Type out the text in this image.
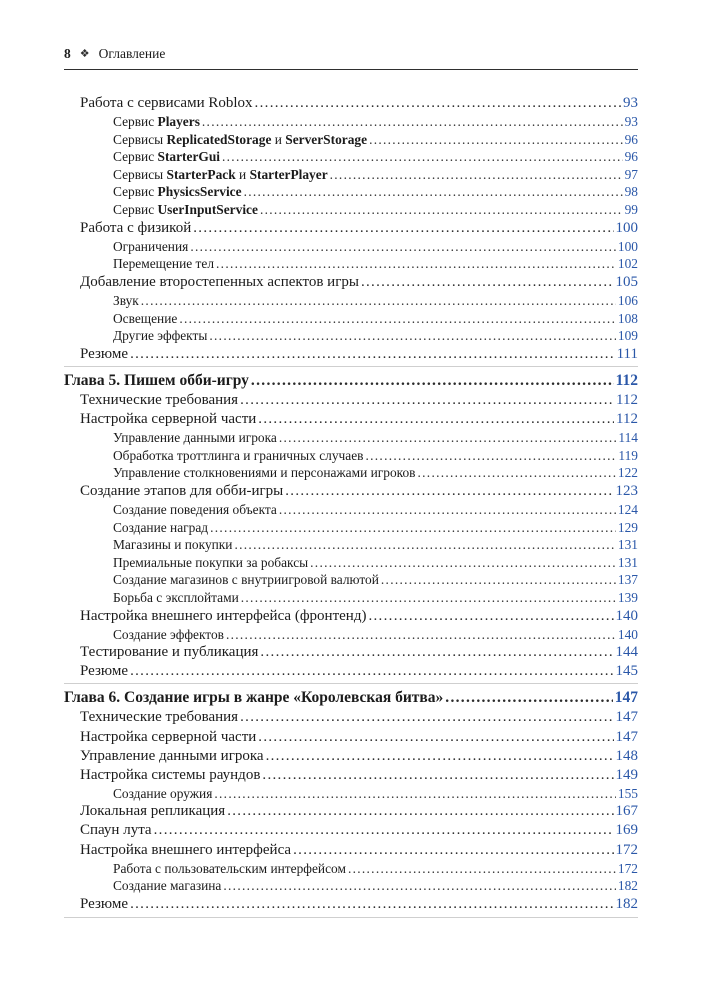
8 ❖ Оглавление
Работа с сервисами Roblox .....	93
Сервис Players .....	93
Сервисы ReplicatedStorage и ServerStorage .....	96
Сервис StarterGui .....	96
Сервисы StarterPack и StarterPlayer .....	97
Сервис PhysicsService .....	98
Сервис UserInputService .....	99
Работа с физикой .....	100
Ограничения .....	100
Перемещение тел .....	102
Добавление второстепенных аспектов игры .....	105
Звук .....	106
Освещение .....	108
Другие эффекты .....	109
Резюме .....	111
Глава 5. Пишем обби-игру .....	112
Технические требования .....	112
Настройка серверной части .....	112
Управление данными игрока .....	114
Обработка троттлинга и граничных случаев .....	119
Управление столкновениями и персонажами игроков .....	122
Создание этапов для обби-игры .....	123
Создание поведения объекта .....	124
Создание наград .....	129
Магазины и покупки .....	131
Премиальные покупки за робаксы .....	131
Создание магазинов с внутриигровой валютой .....	137
Борьба с эксплойтами .....	139
Настройка внешнего интерфейса (фронтенд) .....	140
Создание эффектов .....	140
Тестирование и публикация .....	144
Резюме .....	145
Глава 6. Создание игры в жанре «Королевская битва» .....	147
Технические требования .....	147
Настройка серверной части .....	147
Управление данными игрока .....	148
Настройка системы раундов .....	149
Создание оружия .....	155
Локальная репликация .....	167
Спаун лута .....	169
Настройка внешнего интерфейса .....	172
Работа с пользовательским интерфейсом .....	172
Создание магазина .....	182
Резюме .....	182
